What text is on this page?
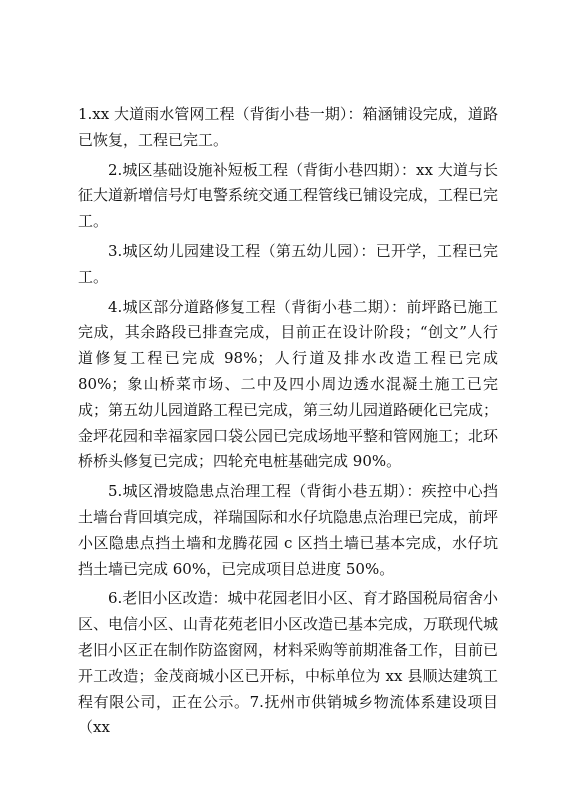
1.xx 大道雨水管网工程（背街小巷一期）：箱涵铺设完成，道路已恢复，工程已完工。

2.城区基础设施补短板工程（背街小巷四期）：xx 大道与长征大道新增信号灯电警系统交通工程管线已铺设完成，工程已完工。

3.城区幼儿园建设工程（第五幼儿园）：已开学，工程已完工。

4.城区部分道路修复工程（背街小巷二期）：前坪路已施工完成，其余路段已排查完成，目前正在设计阶段；“创文”人行道修复工程已完成 98%；人行道及排水改造工程已完成 80%；象山桥菜市场、二中及四小周边透水混凝土施工已完成；第五幼儿园道路工程已完成，第三幼儿园道路硬化已完成；金坪花园和幸福家园口袋公园已完成场地平整和管网施工；北环桥桥头修复已完成；四轮充电桩基础完成 90%。

5.城区滑坡隐患点治理工程（背街小巷五期）：疾控中心挡土墙台背回填完成，祥瑞国际和水仔坑隐患点治理已完成，前坪小区隐患点挡土墙和龙腾花园 c 区挡土墙已基本完成，水仔坑挡土墙已完成 60%，已完成项目总进度 50%。

6.老旧小区改造：城中花园老旧小区、育才路国税局宿舍小区、电信小区、山青花苑老旧小区改造已基本完成，万联现代城老旧小区正在制作防盗窗网，材料采购等前期准备工作，目前已开工改造；金茂商城小区已开标，中标单位为 xx 县顺达建筑工程有限公司，正在公示。7.抚州市供销城乡物流体系建设项目（xx
